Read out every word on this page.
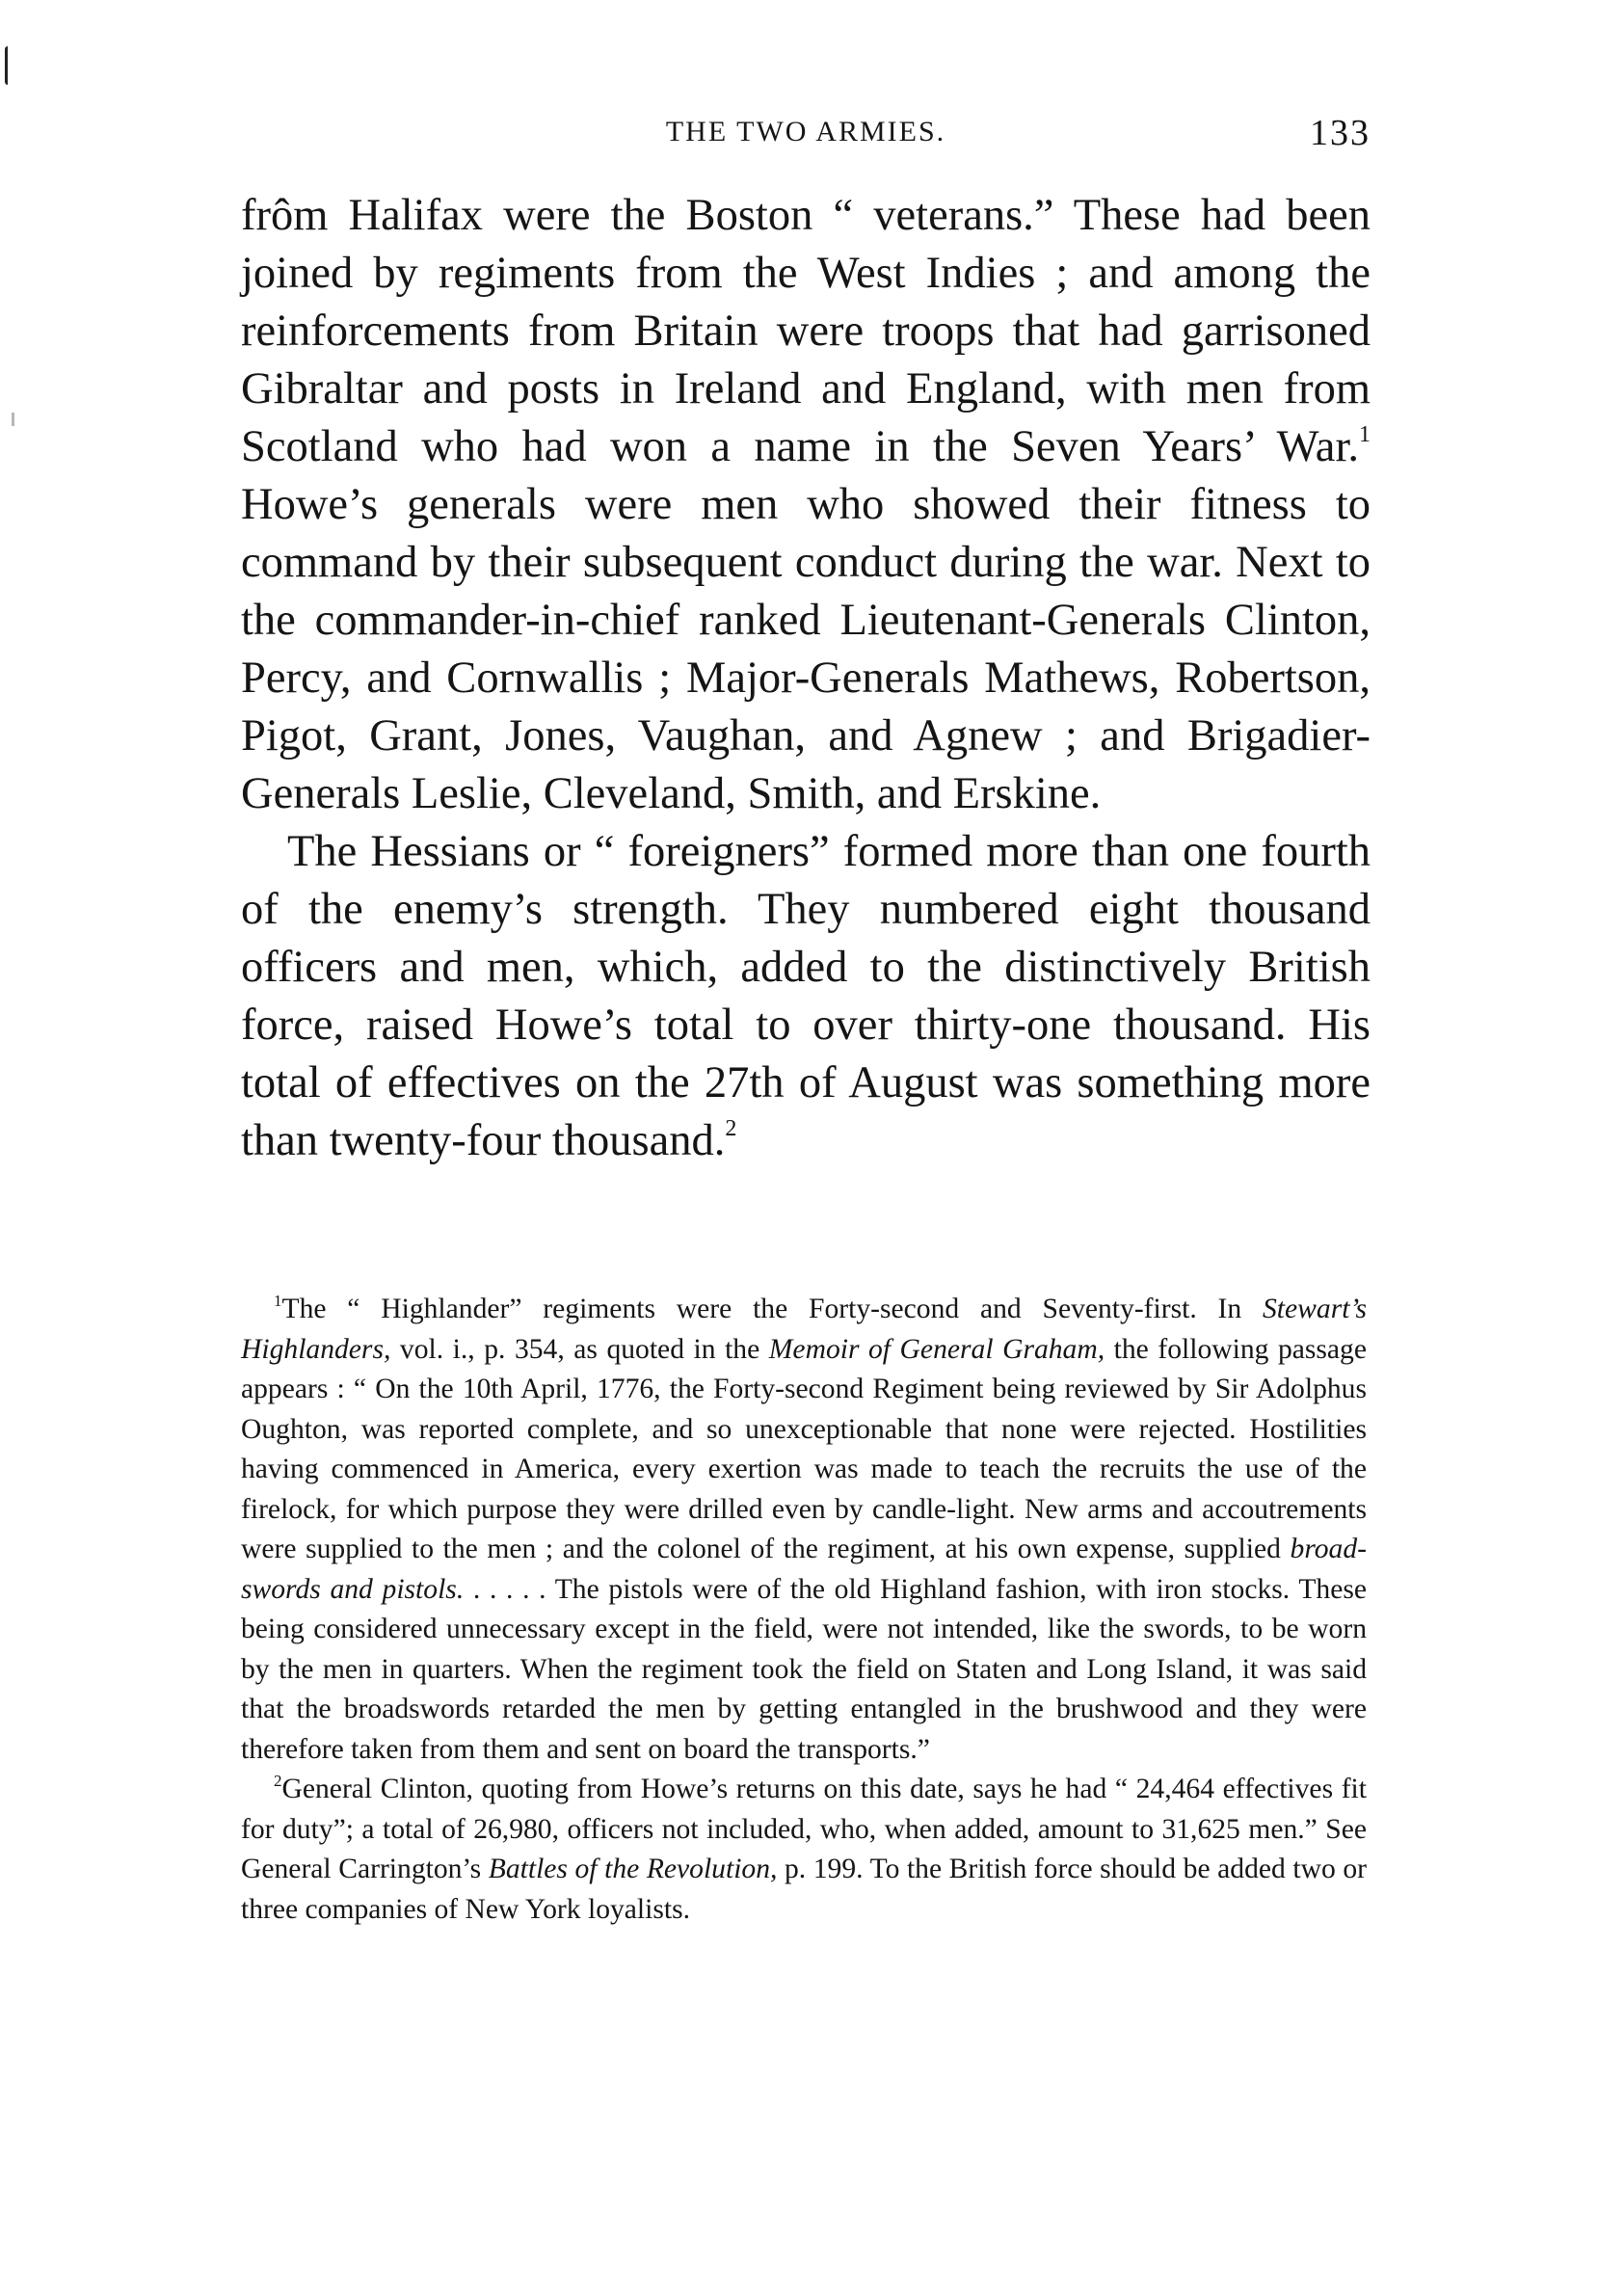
THE TWO ARMIES.	133

frôm Halifax were the Boston “ veterans.” These had been joined by regiments from the West Indies ; and among the reinforcements from Britain were troops that had garrisoned Gibraltar and posts in Ireland and England, with men from Scotland who had won a name in the Seven Years’ War.$^1$ Howe’s generals were men who showed their fitness to command by their subsequent conduct during the war. Next to the commander-in-chief ranked Lieutenant-Generals Clinton, Percy, and Cornwallis ; Major-Generals Mathews, Robertson, Pigot, Grant, Jones, Vaughan, and Agnew ; and Brigadier-Generals Leslie, Cleveland, Smith, and Erskine.

The Hessians or “ foreigners” formed more than one fourth of the enemy’s strength. They numbered eight thousand officers and men, which, added to the distinctively British force, raised Howe’s total to over thirty-one thousand. His total of effectives on the 27th of August was something more than twenty-four thousand.$^2$

$^1$The “ Highlander” regiments were the Forty-second and Seventy-first. In Stewart’s Highlanders, vol. i., p. 354, as quoted in the Memoir of General Graham, the following passage appears : “ On the 10th April, 1776, the Forty-second Regiment being reviewed by Sir Adolphus Oughton, was reported complete, and so unexceptionable that none were rejected. Hostilities having commenced in America, every exertion was made to teach the recruits the use of the firelock, for which purpose they were drilled even by candle-light. New arms and accoutrements were supplied to the men ; and the colonel of the regiment, at his own expense, supplied broad-swords and pistols. . . . . . The pistols were of the old Highland fashion, with iron stocks. These being considered unnecessary except in the field, were not intended, like the swords, to be worn by the men in quarters. When the regiment took the field on Staten and Long Island, it was said that the broadswords retarded the men by getting entangled in the brushwood and they were therefore taken from them and sent on board the transports.”

$^2$General Clinton, quoting from Howe’s returns on this date, says he had “ 24,464 effectives fit for duty”; a total of 26,980, officers not included, who, when added, amount to 31,625 men.” See General Carrington’s Battles of the Revolution, p. 199. To the British force should be added two or three companies of New York loyalists.
